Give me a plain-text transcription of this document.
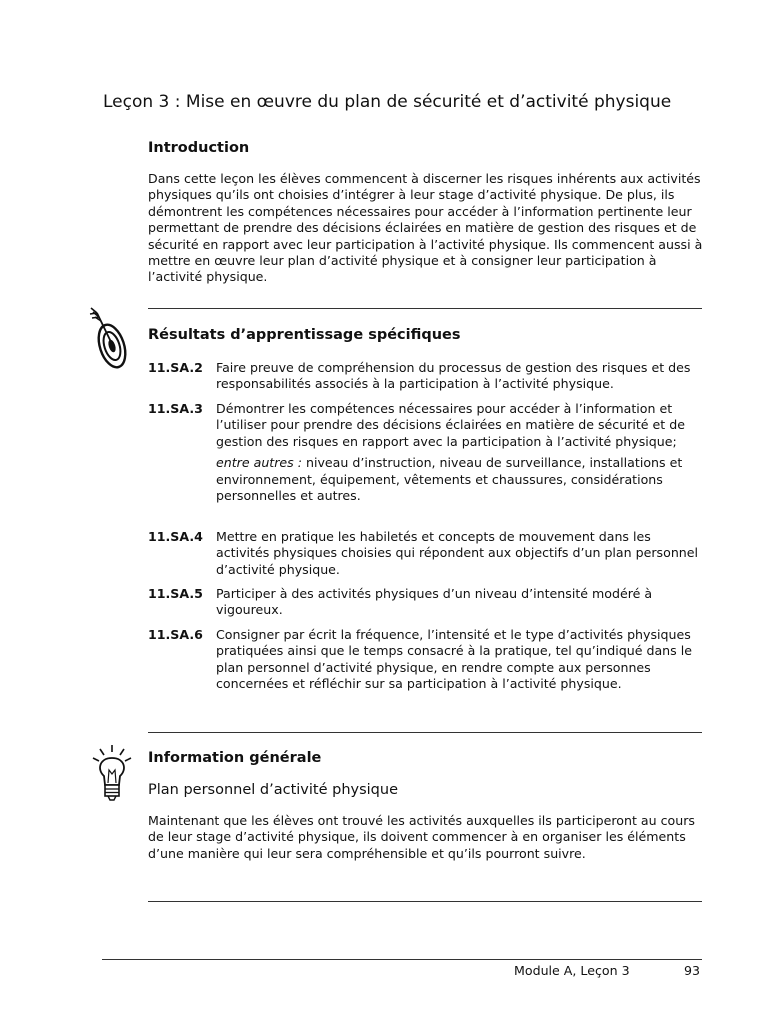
Leçon 3 : Mise en œuvre du plan de sécurité et d’activité physique
Introduction
Dans cette leçon les élèves commencent à discerner les risques inhérents aux activités physiques qu’ils ont choisies d’intégrer à leur stage d’activité physique. De plus, ils démontrent les compétences nécessaires pour accéder à l’information pertinente leur permettant de prendre des décisions éclairées en matière de gestion des risques et de sécurité en rapport avec leur participation à l’activité physique. Ils commencent aussi à mettre en œuvre leur plan d’activité physique et à consigner leur participation à l’activité physique.
Résultats d’apprentissage spécifiques
11.SA.2 Faire preuve de compréhension du processus de gestion des risques et des responsabilités associés à la participation à l’activité physique.

11.SA.3 Démontrer les compétences nécessaires pour accéder à l’information et l’utiliser pour prendre des décisions éclairées en matière de sécurité et de gestion des risques en rapport avec la participation à l’activité physique;

entre autres : niveau d’instruction, niveau de surveillance, installations et environnement, équipement, vêtements et chaussures, considérations personnelles et autres.

11.SA.4 Mettre en pratique les habiletés et concepts de mouvement dans les activités physiques choisies qui répondent aux objectifs d’un plan personnel d’activité physique.

11.SA.5 Participer à des activités physiques d’un niveau d’intensité modéré à vigoureux.

11.SA.6 Consigner par écrit la fréquence, l’intensité et le type d’activités physiques pratiquées ainsi que le temps consacré à la pratique, tel qu’indiqué dans le plan personnel d’activité physique, en rendre compte aux personnes concernées et réfléchir sur sa participation à l’activité physique.

Information générale
Plan personnel d’activité physique
Maintenant que les élèves ont trouvé les activités auxquelles ils participeront au cours de leur stage d’activité physique, ils doivent commencer à en organiser les éléments d’une manière qui leur sera compréhensible et qu’ils pourront suivre.
Module A, Leçon 3	93
